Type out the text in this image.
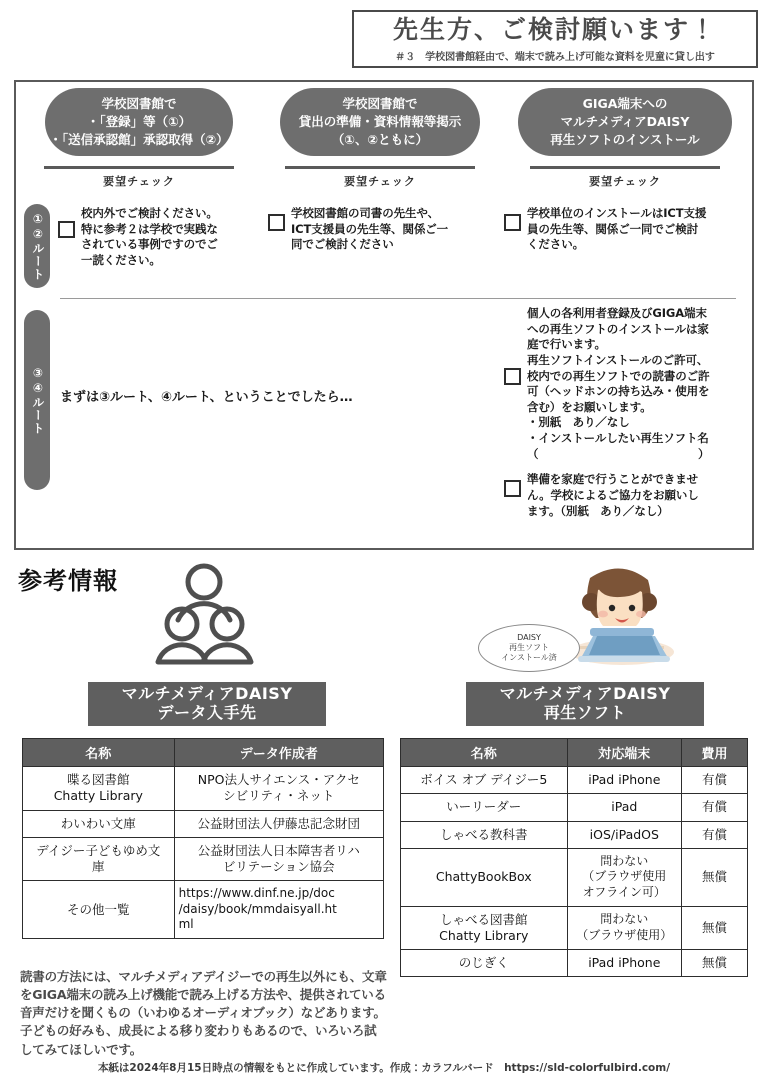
先生方、ご検討願います！
＃３　学校図書館経由で、端末で読み上げ可能な資料を児童に貸し出す
学校図書館で
・「登録」等（①）
・「送信承認館」承認取得（②）
学校図書館で
貸出の準備・資料情報等掲示
（①、②ともに）
GIGA端末への
マルチメディアDAISY
再生ソフトのインストール
要望チェック	要望チェック	要望チェック
①②ルート
③④ルート
校内外でご検討ください。
特に参考２は学校で実践な
されている事例ですのでご
一読ください。
学校図書館の司書の先生や、
ICT支援員の先生等、関係ご一
同でご検討ください
学校単位のインストールはICT支援
員の先生等、関係ご一同でご検討
ください。
まずは③ルート、④ルート、ということでしたら…
個人の各利用者登録及びGIGA端末
への再生ソフトのインストールは家
庭で行います。
再生ソフトインストールのご許可、
校内での再生ソフトでの読書のご許
可（ヘッドホンの持ち込み・使用を
含む）をお願いします。
・別紙　あり／なし
・インストールしたい再生ソフト名
（　　　　　　　　　　　　　　）
準備を家庭で行うことができませ
ん。学校によるご協力をお願いし
ます。（別紙　あり／なし）
参考情報
DAISY
再生ソフト
インストール済
マルチメディアDAISY
データ入手先
マルチメディアDAISY
再生ソフト
名称	データ作成者

喋る図書館
Chatty Library	NPO法人サイエンス・アクセ
シビリティ・ネット

わいわい文庫	公益財団法人伊藤忠記念財団

デイジー子どもゆめ文
庫	公益財団法人日本障害者リハ
ビリテーション協会

その他一覧	https://www.dinf.ne.jp/doc
/daisy/book/mmdaisyall.ht
ml
名称	対応端末	費用

ボイス オブ デイジー5	iPad iPhone	有償

いーリーダー	iPad	有償

しゃべる教科書	iOS/iPadOS	有償

ChattyBookBox	問わない
（ブラウザ使用
オフライン可）	無償

しゃべる図書館
Chatty Library	問わない
（ブラウザ使用）	無償

のじぎく	iPad iPhone	無償
読書の方法には、マルチメディアデイジーでの再生以外にも、文章をGIGA端末の読み上げ機能で読み上げる方法や、提供されている音声だけを聞くもの（いわゆるオーディオブック）などあります。子どもの好みも、成長による移り変わりもあるので、いろいろ試してみてほしいです。
本紙は2024年8月15日時点の情報をもとに作成しています。作成：カラフルバード　https://sld-colorfulbird.com/
